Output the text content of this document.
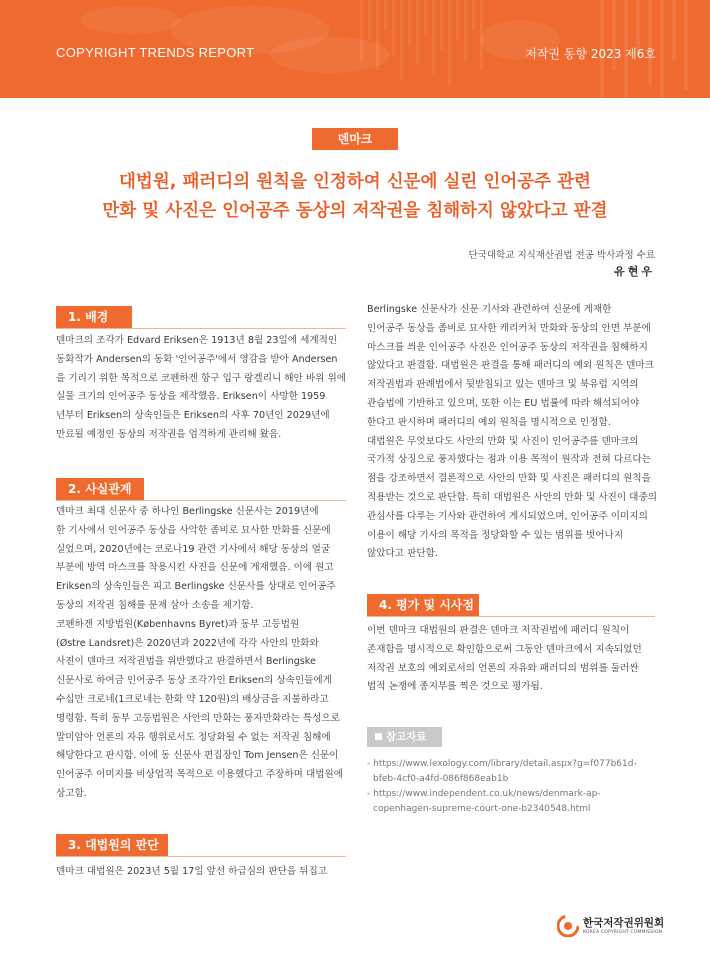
COPYRIGHT TRENDS REPORT	저작권 동향 2023 제6호
덴마크
대법원, 패러디의 원칙을 인정하여 신문에 실린 인어공주 관련
만화 및 사진은 인어공주 동상의 저작권을 침해하지 않았다고 판결
단국대학교 지식재산권법 전공 박사과정 수료
유현우
1. 배경
덴마크의 조각가 Edvard Eriksen은 1913년 8월 23일에 세계적인
동화작가 Andersen의 동화 '인어공주'에서 영감을 받아 Andersen
을 기리기 위한 목적으로 코펜하겐 항구 입구 랑겔리니 해안 바위 위에
실물 크기의 인어공주 동상을 제작했음. Eriksen이 사망한 1959
년부터 Eriksen의 상속인들은 Eriksen의 사후 70년인 2029년에
만료될 예정인 동상의 저작권을 엄격하게 관리해 왔음.
2. 사실관계
덴마크 최대 신문사 중 하나인 Berlingske 신문사는 2019년에
한 기사에서 인어공주 동상을 사악한 좀비로 묘사한 만화를 신문에
실었으며, 2020년에는 코로나19 관련 기사에서 해당 동상의 얼굴
부분에 방역 마스크를 착용시킨 사진을 신문에 게재했음. 이에 원고
Eriksen의 상속인들은 피고 Berlingske 신문사를 상대로 인어공주
동상의 저작권 침해를 문제 삼아 소송을 제기함.
코펜하겐 지방법원(Københavns Byret)과 동부 고등법원
(Østre Landsret)은 2020년과 2022년에 각각 사안의 만화와
사진이 덴마크 저작권법을 위반했다고 판결하면서 Berlingske
신문사로 하여금 인어공주 동상 조각가인 Eriksen의 상속인들에게
수십만 크로네(1크로네는 한화 약 120원)의 배상금을 지불하라고
명령함. 특히 동부 고등법원은 사안의 만화는 풍자만화라는 특성으로
말미암아 언론의 자유 행위로서도 정당화될 수 없는 저작권 침해에
해당한다고 판시함. 이에 동 신문사 편집장인 Tom Jensen은 신문이
인어공주 이미지를 비상업적 목적으로 이용했다고 주장하며 대법원에
상고함.
3. 대법원의 판단
덴마크 대법원은 2023년 5월 17일 앞선 하급심의 판단을 뒤집고
Berlingske 신문사가 신문 기사와 관련하여 신문에 게재한
인어공주 동상을 좀비로 묘사한 캐리커처 만화와 동상의 안면 부분에
마스크를 씌운 인어공주 사진은 인어공주 동상의 저작권을 침해하지
않았다고 판결함. 대법원은 판결을 통해 패러디의 예외 원칙은 덴마크
저작권법과 판례법에서 뒷받침되고 있는 덴마크 및 북유럽 지역의
관습법에 기반하고 있으며, 또한 이는 EU 법률에 따라 해석되어야
한다고 판시하며 패러디의 예외 원칙을 명시적으로 인정함.
대법원은 무엇보다도 사안의 만화 및 사진이 인어공주를 덴마크의
국가적 상징으로 풍자했다는 점과 이용 목적이 원작과 전혀 다르다는
점을 강조하면서 결론적으로 사안의 만화 및 사진은 패러디의 원칙을
적용받는 것으로 판단함. 특히 대법원은 사안의 만화 및 사진이 대중의
관심사를 다루는 기사와 관련하여 게시되었으며, 인어공주 이미지의
이용이 해당 기사의 목적을 정당화할 수 있는 범위를 벗어나지
않았다고 판단함.
4. 평가 및 시사점
이번 덴마크 대법원의 판결은 덴마크 저작권법에 패러디 원칙이
존재함을 명시적으로 확인함으로써 그동안 덴마크에서 지속되었던
저작권 보호의 예외로서의 언론의 자유와 패러디의 범위를 둘러싼
법적 논쟁에 종지부를 찍은 것으로 평가됨.
참고자료
- https://www.lexology.com/library/detail.aspx?g=f077b61d-
bfeb-4cf0-a4fd-086f868eab1b
- https://www.independent.co.uk/news/denmark-ap-
copenhagen-supreme-court-one-b2340548.html
한국저작권위원회
KOREA COPYRIGHT COMMISSION
